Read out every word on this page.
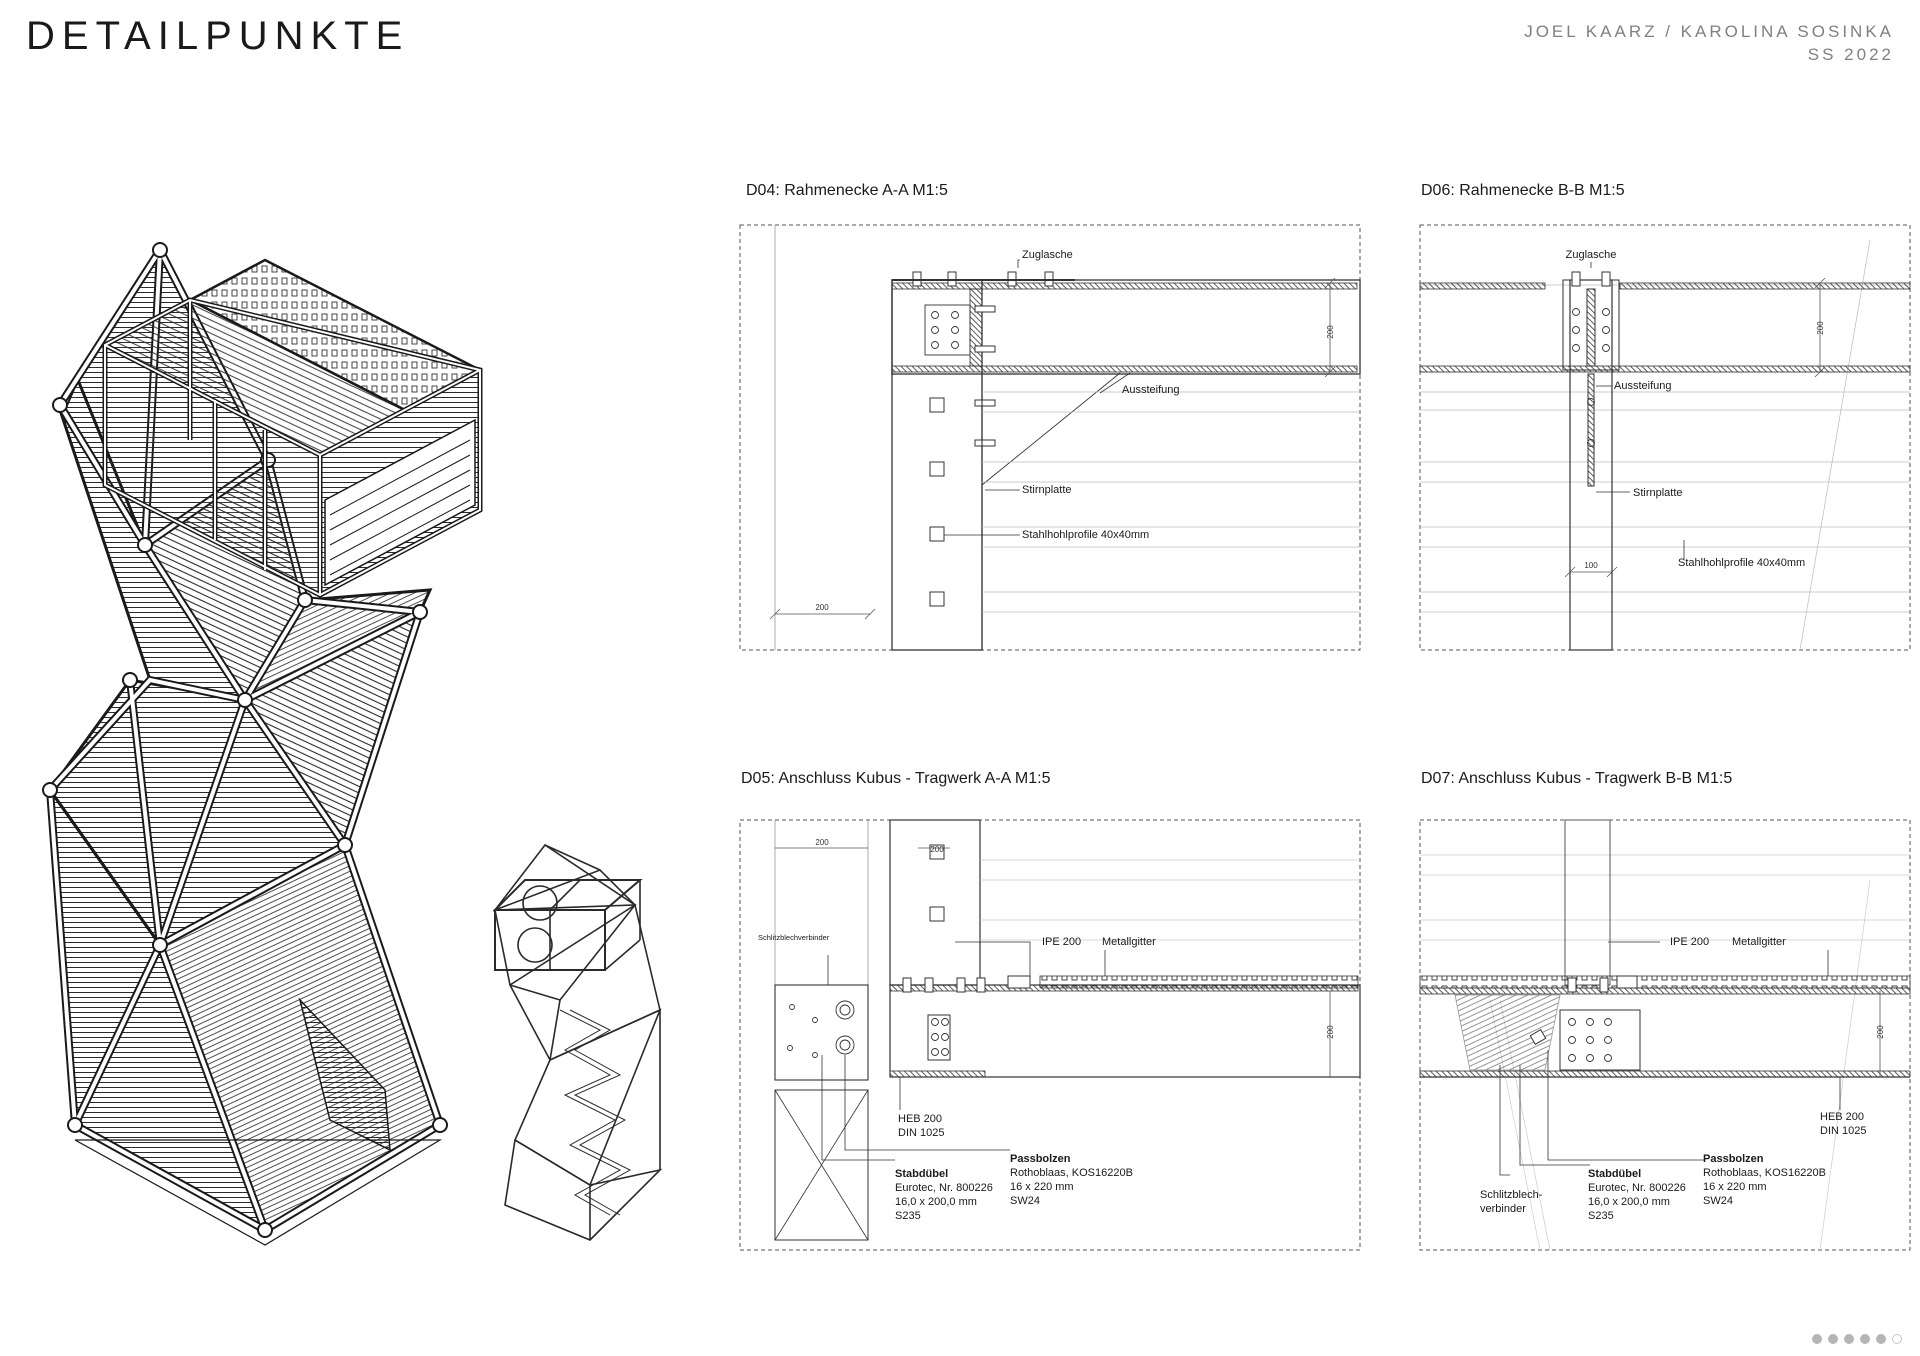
DETAILPUNKTE	JOEL KAARZ / KAROLINA SOSINKA
SS 2022
D04: Rahmenecke A-A M1:5	D06: Rahmenecke B-B M1:5
D05: Anschluss Kubus - Tragwerk A-A M1:5	D07: Anschluss Kubus - Tragwerk B-B M1:5
200
200
Zuglasche
Aussteifung
Stirnplatte
Stahlhohlprofile 40x40mm
200
100
Zuglasche
Aussteifung
Stirnplatte
Stahlhohlprofile 40x40mm
200
200
200
Schlitzblechverbinder	IPE 200 Metallgitter
HEB 200
DIN 1025
Stabdübel
Eurotec, Nr. 800226
16,0 x 200,0 mm
S235
Passbolzen
Rothoblaas, KOS16220B
16 x 220 mm
SW24
200
IPE 200 Metallgitter
HEB 200
DIN 1025
Schlitzblech-
verbinder
Stabdübel
Eurotec, Nr. 800226
16,0 x 200,0 mm
S235
Passbolzen
Rothoblaas, KOS16220B
16 x 220 mm
SW24
